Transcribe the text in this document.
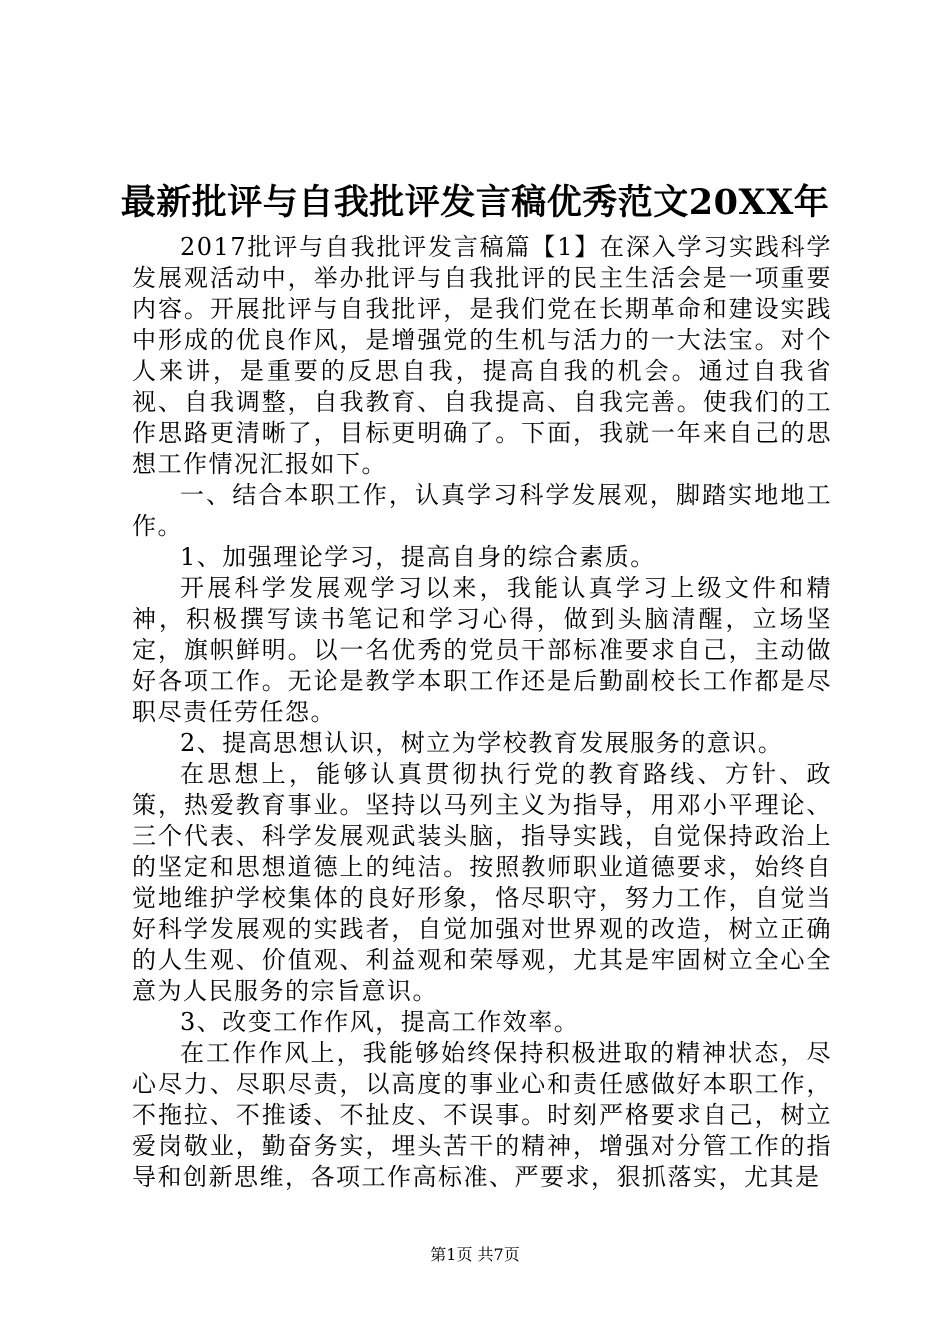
最新批评与自我批评发言稿优秀范文20XX年

2017批评与自我批评发言稿篇【1】在深入学习实践科学发展观活动中，举办批评与自我批评的民主生活会是一项重要内容。开展批评与自我批评，是我们党在长期革命和建设实践中形成的优良作风，是增强党的生机与活力的一大法宝。对个人来讲，是重要的反思自我，提高自我的机会。通过自我省视、自我调整，自我教育、自我提高、自我完善。使我们的工作思路更清晰了，目标更明确了。下面，我就一年来自己的思想工作情况汇报如下。

一、结合本职工作，认真学习科学发展观，脚踏实地地工作。

1、加强理论学习，提高自身的综合素质。

开展科学发展观学习以来，我能认真学习上级文件和精神，积极撰写读书笔记和学习心得，做到头脑清醒，立场坚定，旗帜鲜明。以一名优秀的党员干部标准要求自己，主动做好各项工作。无论是教学本职工作还是后勤副校长工作都是尽职尽责任劳任怨。

2、提高思想认识，树立为学校教育发展服务的意识。

在思想上，能够认真贯彻执行党的教育路线、方针、政策，热爱教育事业。坚持以马列主义为指导，用邓小平理论、三个代表、科学发展观武装头脑，指导实践，自觉保持政治上的坚定和思想道德上的纯洁。按照教师职业道德要求，始终自觉地维护学校集体的良好形象，恪尽职守，努力工作，自觉当好科学发展观的实践者，自觉加强对世界观的改造，树立正确的人生观、价值观、利益观和荣辱观，尤其是牢固树立全心全意为人民服务的宗旨意识。

3、改变工作作风，提高工作效率。

在工作作风上，我能够始终保持积极进取的精神状态，尽心尽力、尽职尽责，以高度的事业心和责任感做好本职工作，不拖拉、不推诿、不扯皮、不误事。时刻严格要求自己，树立爱岗敬业，勤奋务实，埋头苦干的精神，增强对分管工作的指导和创新思维，各项工作高标准、严要求，狠抓落实，尤其是

第1页 共7页
